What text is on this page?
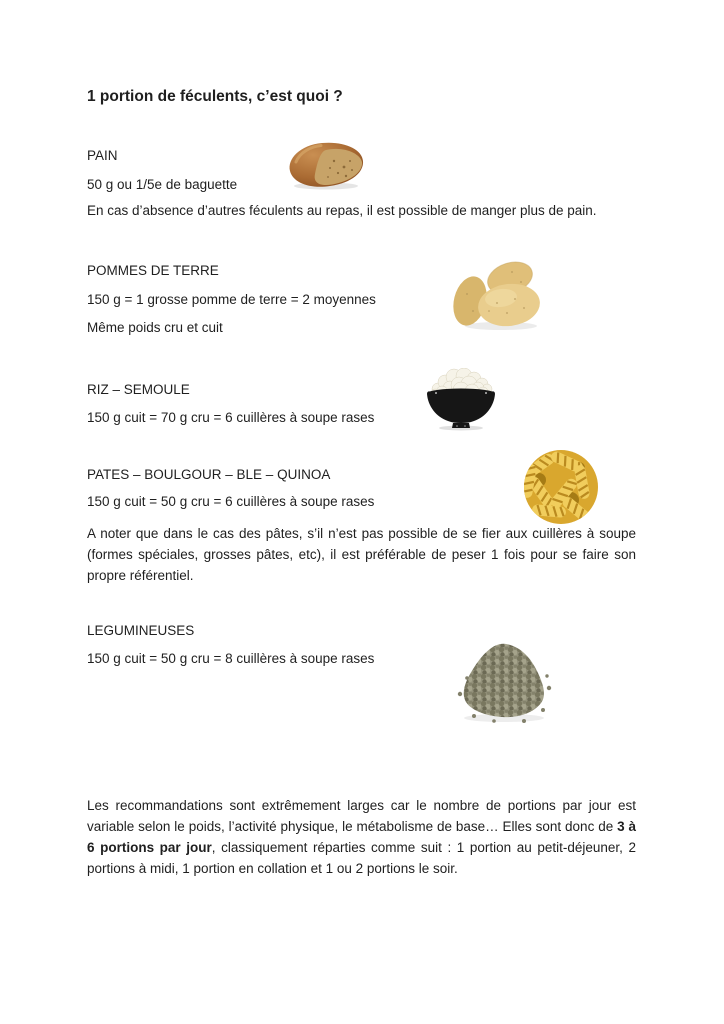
1 portion de féculents, c’est quoi ?
PAIN
50 g ou 1/5e de baguette
En cas d’absence d’autres féculents au repas, il est possible de manger plus de pain.
POMMES DE TERRE
150 g = 1 grosse pomme de terre = 2 moyennes
Même poids cru et cuit
RIZ – SEMOULE
150 g cuit = 70 g cru = 6 cuillères à soupe rases
PATES – BOULGOUR – BLE – QUINOA
150 g cuit = 50 g cru = 6 cuillères à soupe rases

A noter que dans le cas des pâtes, s’il n’est pas possible de se fier aux cuillères à soupe (formes spéciales, grosses pâtes, etc), il est préférable de peser 1 fois pour se faire son propre référentiel.

LEGUMINEUSES
150 g cuit = 50 g cru = 8 cuillères à soupe rases

Les recommandations sont extrêmement larges car le nombre de portions par jour est variable selon le poids, l’activité physique, le métabolisme de base… Elles sont donc de 3 à 6 portions par jour, classiquement réparties comme suit : 1 portion au petit-déjeuner, 2 portions à midi, 1 portion en collation et 1 ou 2 portions le soir.
